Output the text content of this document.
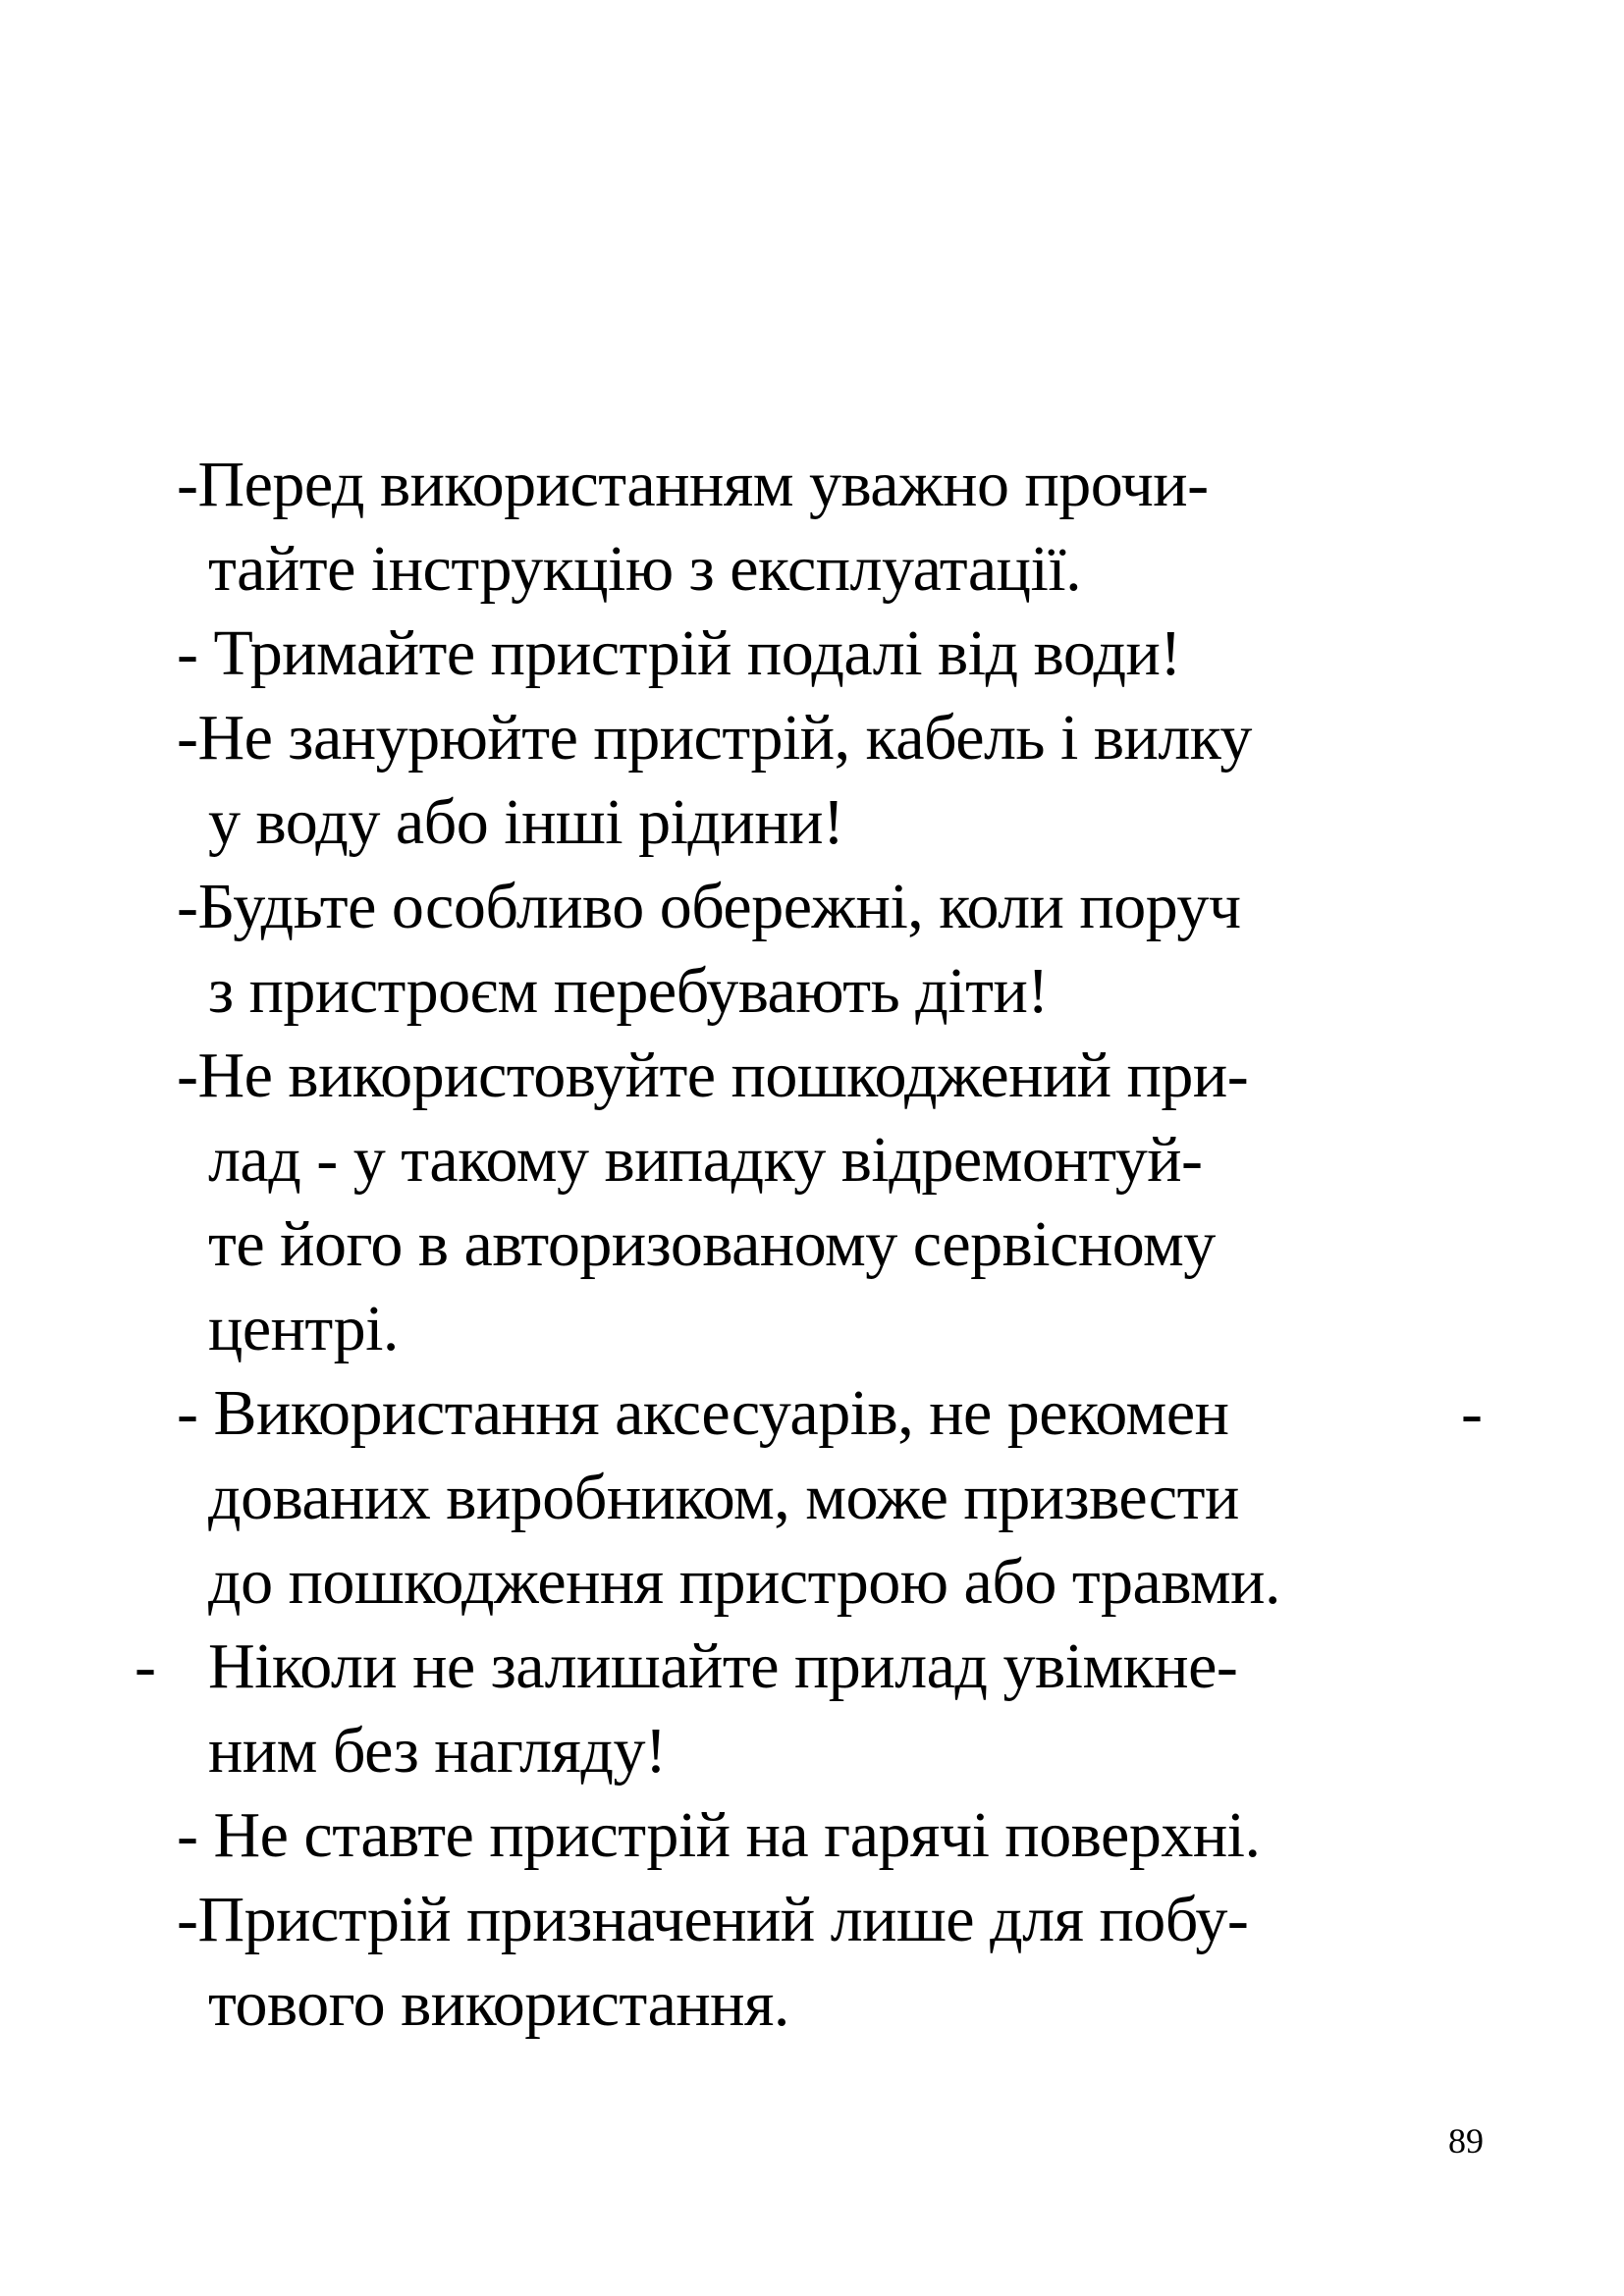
-Перед використанням уважно прочи-
тайте інструкцію з експлуатації.
- Тримайте пристрій подалі від води!
-Не занурюйте пристрій, кабель і вилку
у воду або інші рідини!
-Будьте особливо обережні, коли поруч
з пристроєм перебувають діти!
-Не використовуйте пошкоджений при-
лад - у такому випадку відремонтуй-
те його в авторизованому сервісному
центрі.
- Використання аксесуарів, не рекомен	-
дованих виробником, може призвести
до пошкодження пристрою або травми.
- Ніколи не залишайте прилад увімкне-
ним без нагляду!
- Не ставте пристрій на гарячі поверхні.
-Пристрій призначений лише для побу-
тового використання.
89
